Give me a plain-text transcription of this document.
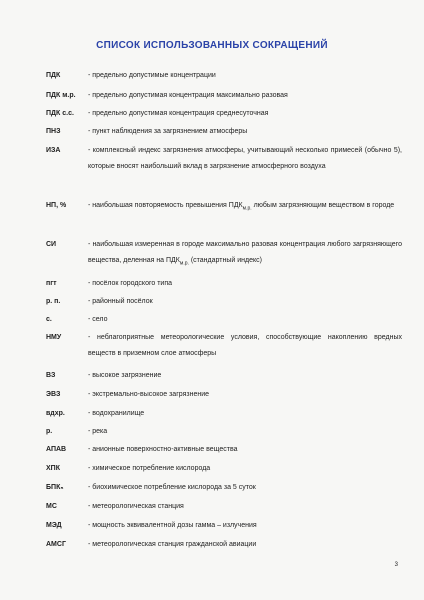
СПИСОК ИСПОЛЬЗОВАННЫХ СОКРАЩЕНИЙ
ПДК	- предельно допустимые концентрации
ПДК м.р. - предельно допустимая концентрация максимально разовая
ПДК с.с. - предельно допустимая концентрация среднесуточная
ПНЗ	- пункт наблюдения за загрязнением атмосферы
ИЗА	- комплексный индекс загрязнения атмосферы, учитывающий несколько примесей (обычно 5), которые вносят наибольший вклад в загрязнение атмосферного воздуха
НП, %	- наибольшая повторяемость превышения $ПДК_{м.р.}$ любым загрязняющим веществом в городе
СИ	- наибольшая измеренная в городе максимально разовая концентрация любого загрязняющего вещества, деленная на $ПДК_{м.р.}$ (стандартный индекс)
пгт	- посёлок городского типа
р. п.	- районный посёлок
с.	- село
НМУ	- неблагоприятные метеорологические условия, способствующие накоплению вредных веществ в приземном слое атмосферы
ВЗ	- высокое загрязнение
ЭВЗ	- экстремально-высокое загрязнение
вдхр.	- водохранилище
р.	- река
АПАВ	- анионные поверхностно-активные вещества
ХПК	- химическое потребление кислорода
БПК₅	- биохимическое потребление кислорода за 5 суток
МС	- метеорологическая станция
МЭД	- мощность эквивалентной дозы гамма – излучения
АМСГ	- метеорологическая станция гражданской авиации
3
